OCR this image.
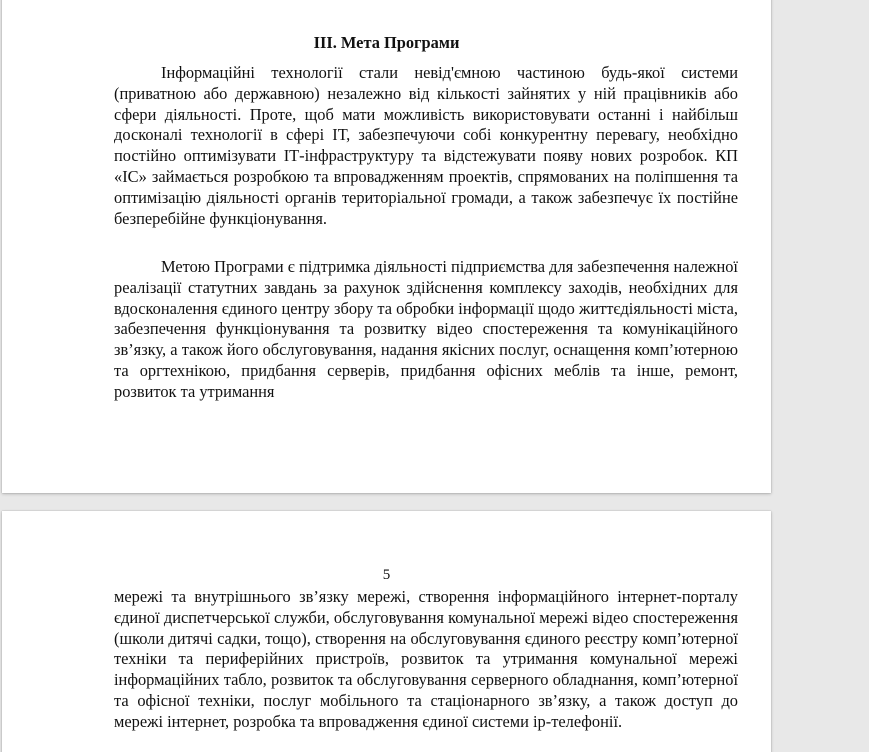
ІІІ. Мета Програми

Інформаційні технології стали невід'ємною частиною будь-якої системи (приватною або державною) незалежно від кількості зайнятих у ній працівників або сфери діяльності. Проте, щоб мати можливість використовувати останні і найбільш досконалі технології в сфері ІТ, забезпечуючи собі конкурентну перевагу, необхідно постійно оптимізувати ІТ-інфраструктуру та відстежувати появу нових розробок. КП «ІС» займається розробкою та впровадженням проектів, спрямованих на поліпшення та оптимізацію діяльності органів територіальної громади, а також забезпечує їх постійне безперебійне функціонування.

Метою Програми є підтримка діяльності підприємства для забезпечення належної реалізації статутних завдань за рахунок здійснення комплексу заходів, необхідних для вдосконалення єдиного центру збору та обробки інформації щодо життєдіяльності міста, забезпечення функціонування та розвитку відео спостереження та комунікаційного зв’язку, а також його обслуговування, надання якісних послуг, оснащення комп’ютерною та оргтехнікою, придбання серверів, придбання офісних меблів та інше, ремонт, розвиток та утримання

5

мережі та внутрішнього зв’язку мережі, створення інформаційного інтернет-порталу єдиної диспетчерської служби, обслуговування комунальної мережі відео спостереження (школи дитячі садки, тощо), створення на обслуговування єдиного реєстру комп’ютерної техніки та периферійних пристроїв, розвиток та утримання комунальної мережі інформаційних табло, розвиток та обслуговування серверного обладнання, комп’ютерної та офісної техніки, послуг мобільного та стаціонарного зв’язку, а також доступ до мережі інтернет, розробка та впровадження єдиної системи ір-телефонії.
